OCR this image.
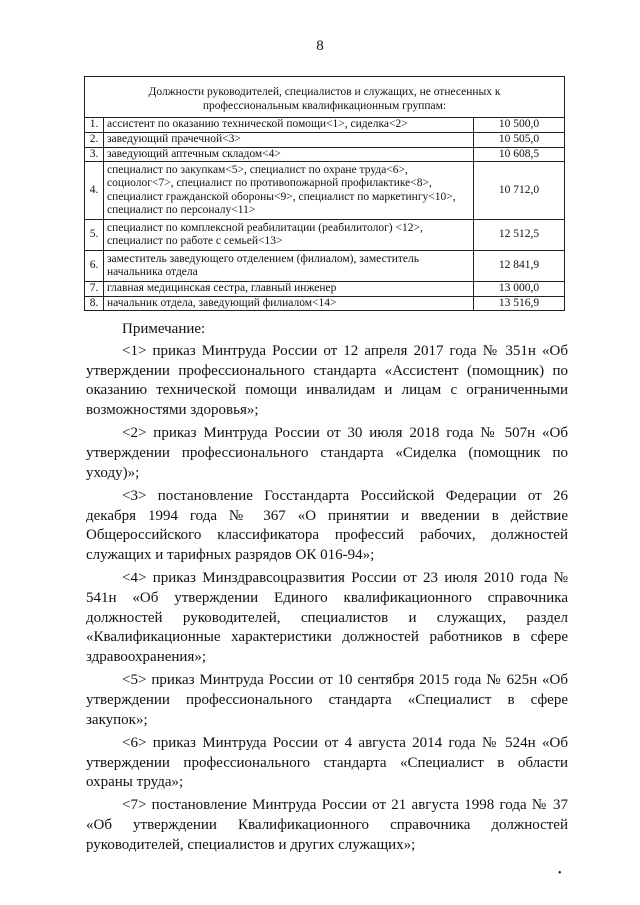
8
Должности руководителей, специалистов и служащих, не отнесенных к профессиональным квалификационным группам:		
1.	ассистент по оказанию технической помощи<1>, сиделка<2>	10 500,0
2.	заведующий прачечной<3>	10 505,0
3.	заведующий аптечным складом<4>	10 608,5
4.	специалист по закупкам<5>, специалист по охране труда<6>, социолог<7>, специалист по противопожарной профилактике<8>, специалист гражданской обороны<9>, специалист по маркетингу<10>, специалист по персоналу<11>	10 712,0
5.	специалист по комплексной реабилитации (реабилитолог) <12>, специалист по работе с семьей<13>	12 512,5
6.	заместитель заведующего отделением (филиалом), заместитель начальника отдела	12 841,9
7.	главная медицинская сестра, главный инженер	13 000,0
8.	начальник отдела, заведующий филиалом<14>	13 516,9
Примечание:

<1> приказ Минтруда России от 12 апреля 2017 года № 351н «Об утверждении профессионального стандарта «Ассистент (помощник) по оказанию технической помощи инвалидам и лицам с ограниченными возможностями здоровья»;

<2> приказ Минтруда России от 30 июля 2018 года № 507н «Об утверждении профессионального стандарта «Сиделка (помощник по уходу)»;

<3> постановление Госстандарта Российской Федерации от 26 декабря 1994 года № 367 «О принятии и введении в действие Общероссийского классификатора профессий рабочих, должностей служащих и тарифных разрядов ОК 016-94»;

<4> приказ Минздравсоцразвития России от 23 июля 2010 года № 541н «Об утверждении Единого квалификационного справочника должностей руководителей, специалистов и служащих, раздел «Квалификационные характеристики должностей работников в сфере здравоохранения»;

<5> приказ Минтруда России от 10 сентября 2015 года № 625н «Об утверждении профессионального стандарта «Специалист в сфере закупок»;

<6> приказ Минтруда России от 4 августа 2014 года № 524н «Об утверждении профессионального стандарта «Специалист в области охраны труда»;

<7> постановление Минтруда России от 21 августа 1998 года № 37 «Об утверждении Квалификационного справочника должностей руководителей, специалистов и других служащих»;

•
